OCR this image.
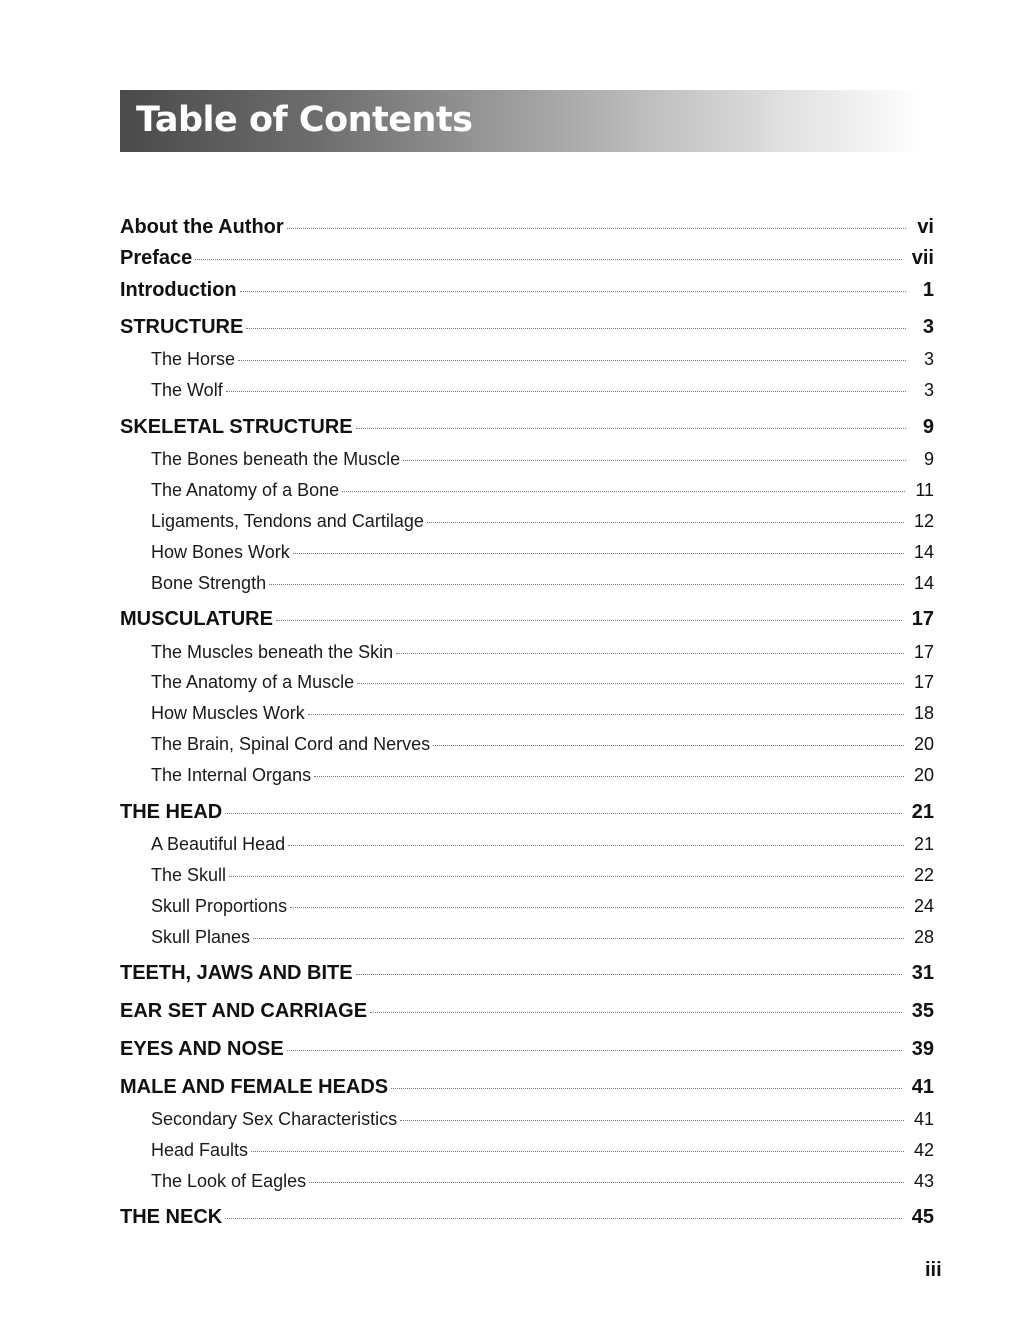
Table of Contents
About the Author	vi
Preface	vii
Introduction	1
STRUCTURE	3
The Horse	3
The Wolf	3
SKELETAL STRUCTURE	9
The Bones beneath the Muscle	9
The Anatomy of a Bone	11
Ligaments, Tendons and Cartilage	12
How Bones Work	14
Bone Strength	14
MUSCULATURE	17
The Muscles beneath the Skin	17
The Anatomy of a Muscle	17
How Muscles Work	18
The Brain, Spinal Cord and Nerves	20
The Internal Organs	20
THE HEAD	21
A Beautiful Head	21
The Skull	22
Skull Proportions	24
Skull Planes	28
TEETH, JAWS AND BITE	31
EAR SET AND CARRIAGE	35
EYES AND NOSE	39
MALE AND FEMALE HEADS	41
Secondary Sex Characteristics	41
Head Faults	42
The Look of Eagles	43
THE NECK	45
iii
